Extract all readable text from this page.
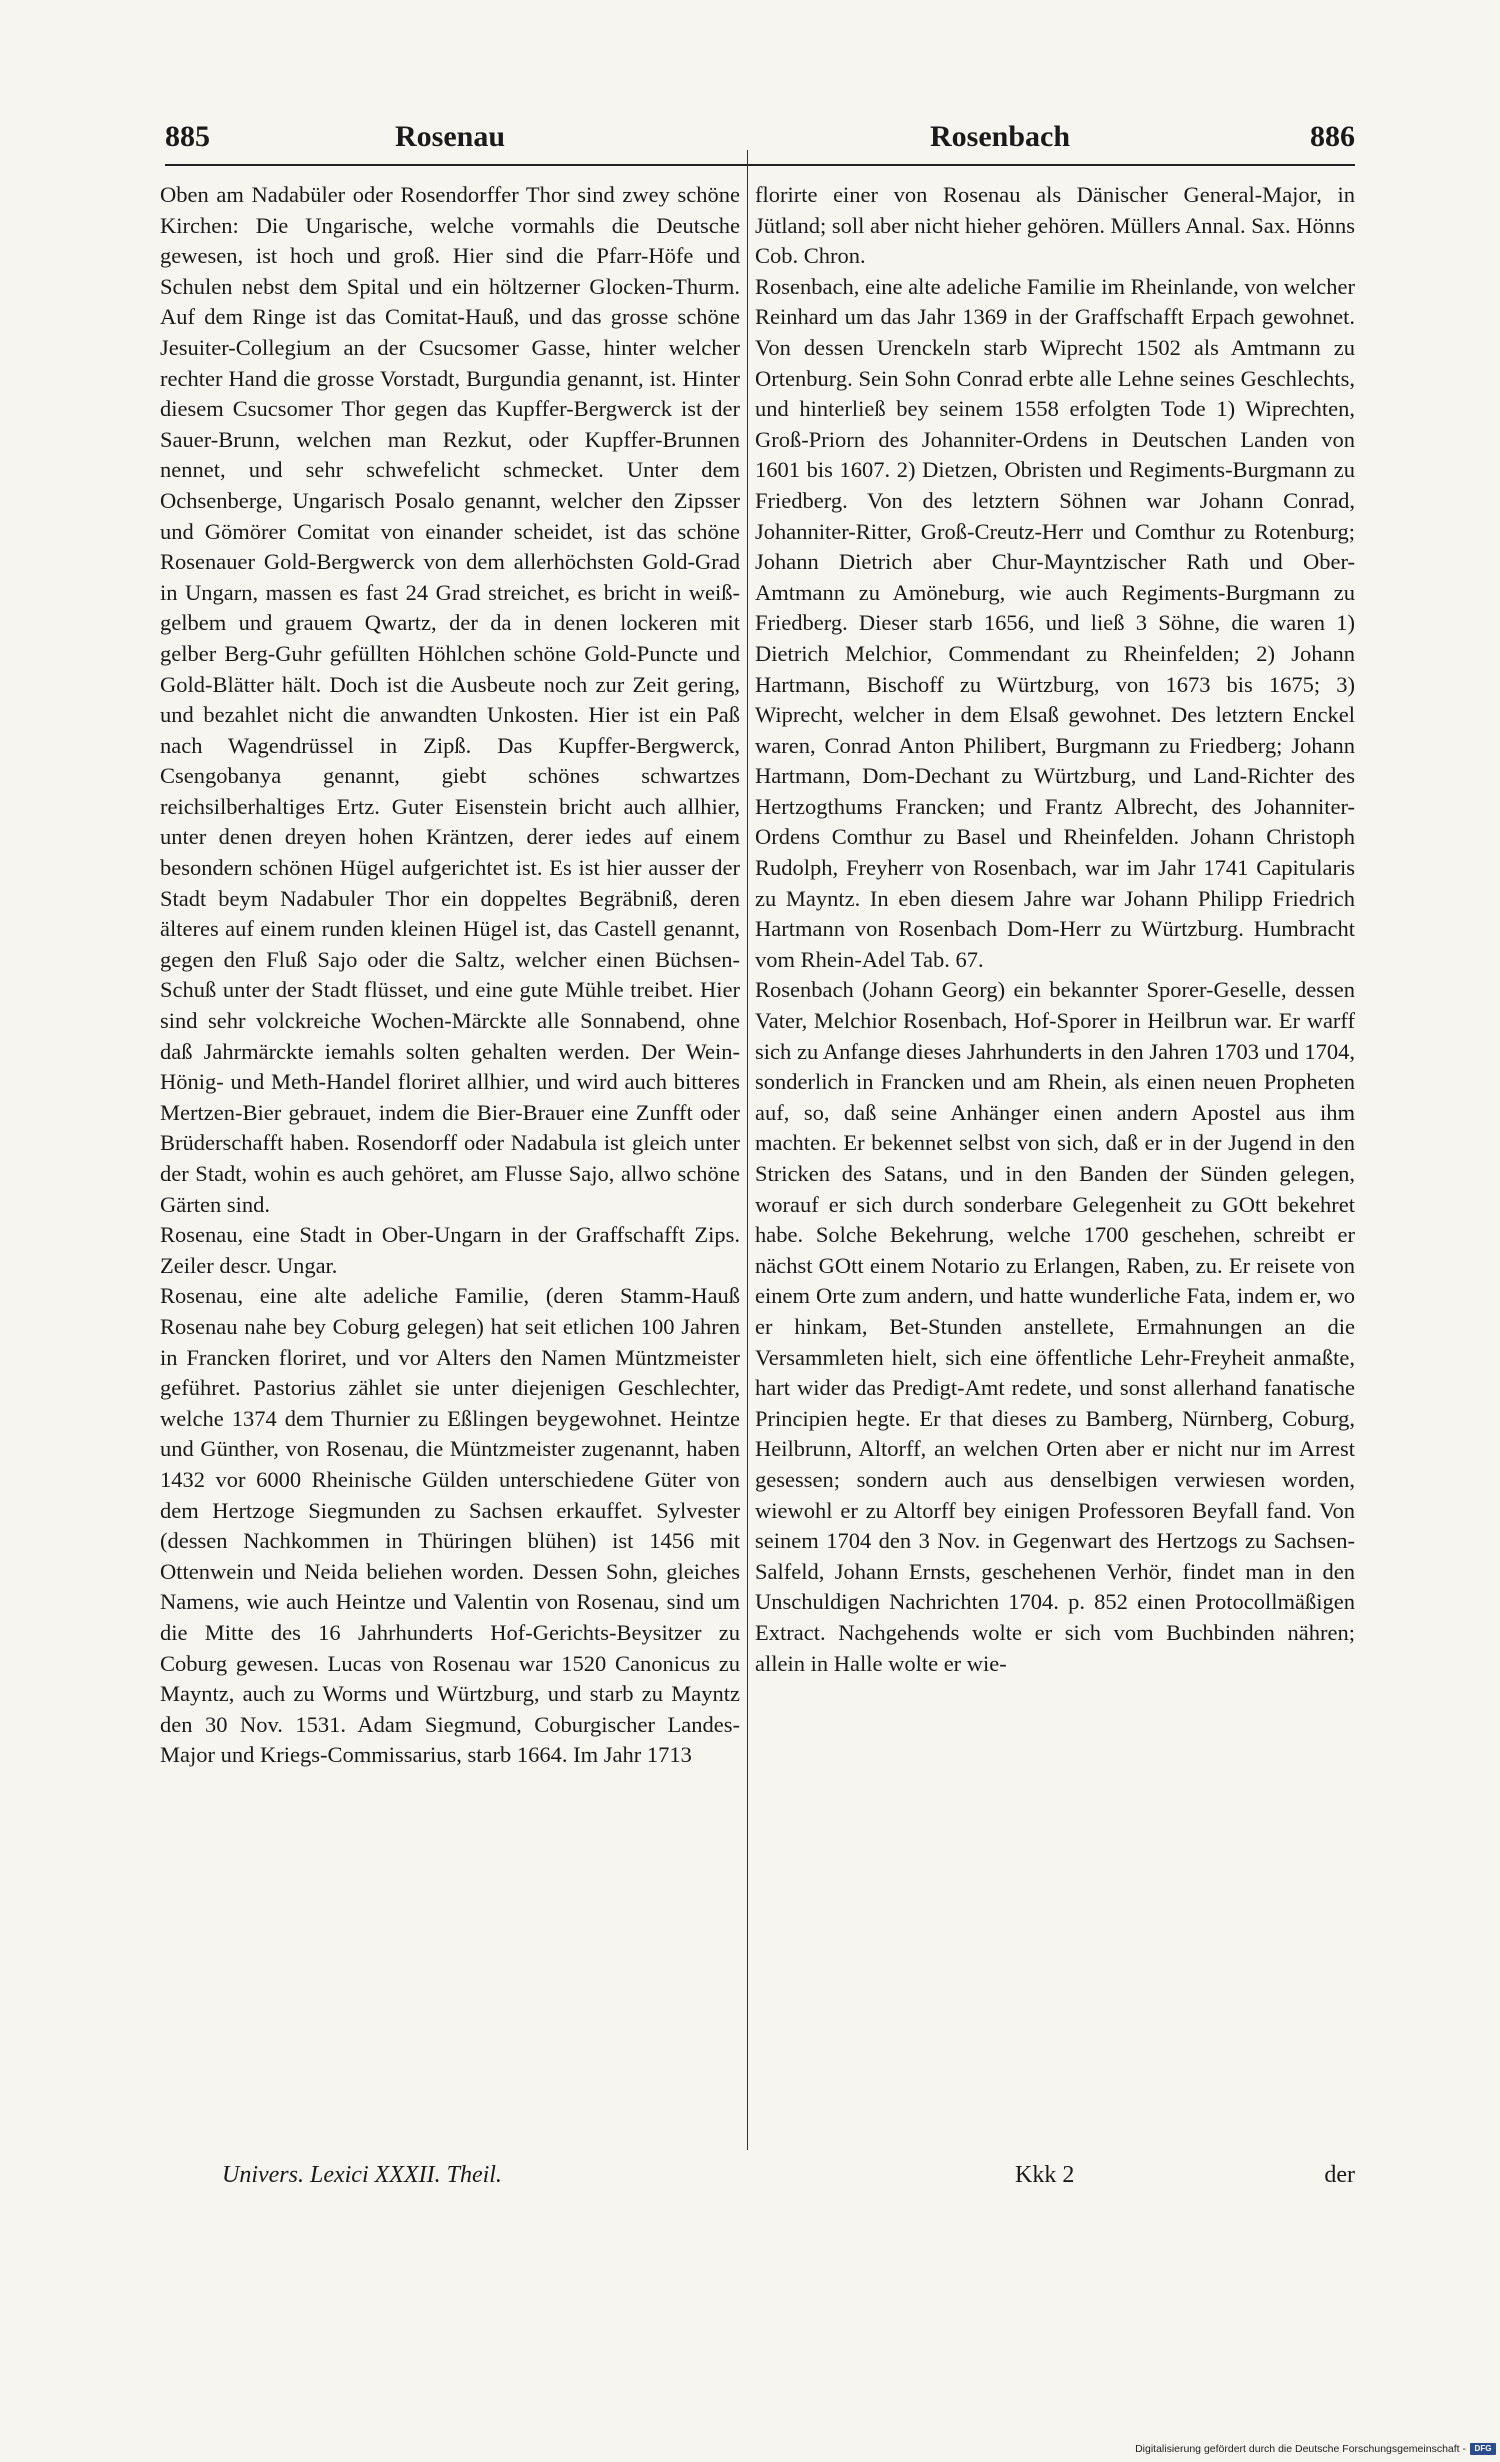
885	Rosenau	Rosenbach	886

Oben am Nadabüler oder Rosendorffer Thor sind zwey schöne Kirchen: Die Ungarische, welche vormahls die Deutsche gewesen, ist hoch und groß. Hier sind die Pfarr-Höfe und Schulen nebst dem Spital und ein höltzerner Glocken-Thurm. Auf dem Ringe ist das Comitat-Hauß, und das grosse schöne Jesuiter-Collegium an der Csucsomer Gasse, hinter welcher rechter Hand die grosse Vorstadt, Burgundia genannt, ist. Hinter diesem Csucsomer Thor gegen das Kupffer-Bergwerck ist der Sauer-Brunn, welchen man Rezkut, oder Kupffer-Brunnen nennet, und sehr schwefelicht schmecket. Unter dem Ochsenberge, Ungarisch Posalo genannt, welcher den Zipsser und Gömörer Comitat von einander scheidet, ist das schöne Rosenauer Gold-Bergwerck von dem allerhöchsten Gold-Grad in Ungarn, massen es fast 24 Grad streichet, es bricht in weiß-gelbem und grauem Qwartz, der da in denen lockeren mit gelber Berg-Guhr gefüllten Höhlchen schöne Gold-Puncte und Gold-Blätter hält. Doch ist die Ausbeute noch zur Zeit gering, und bezahlet nicht die anwandten Unkosten. Hier ist ein Paß nach Wagendrüssel in Zipß. Das Kupffer-Bergwerck, Csengobanya genannt, giebt schönes schwartzes reichsilberhaltiges Ertz. Guter Eisenstein bricht auch allhier, unter denen dreyen hohen Kräntzen, derer iedes auf einem besondern schönen Hügel aufgerichtet ist. Es ist hier ausser der Stadt beym Nadabuler Thor ein doppeltes Begräbniß, deren älteres auf einem runden kleinen Hügel ist, das Castell genannt, gegen den Fluß Sajo oder die Saltz, welcher einen Büchsen-Schuß unter der Stadt flüsset, und eine gute Mühle treibet. Hier sind sehr volckreiche Wochen-Märckte alle Sonnabend, ohne daß Jahrmärckte iemahls solten gehalten werden. Der Wein-Hönig- und Meth-Handel floriret allhier, und wird auch bitteres Mertzen-Bier gebrauet, indem die Bier-Brauer eine Zunfft oder Brüderschafft haben. Rosendorff oder Nadabula ist gleich unter der Stadt, wohin es auch gehöret, am Flusse Sajo, allwo schöne Gärten sind.

Rosenau, eine Stadt in Ober-Ungarn in der Graffschafft Zips. Zeiler descr. Ungar.

Rosenau, eine alte adeliche Familie, (deren Stamm-Hauß Rosenau nahe bey Coburg gelegen) hat seit etlichen 100 Jahren in Francken floriret, und vor Alters den Namen Müntzmeister geführet. Pastorius zählet sie unter diejenigen Geschlechter, welche 1374 dem Thurnier zu Eßlingen beygewohnet. Heintze und Günther, von Rosenau, die Müntzmeister zugenannt, haben 1432 vor 6000 Rheinische Gülden unterschiedene Güter von dem Hertzoge Siegmunden zu Sachsen erkauffet. Sylvester (dessen Nachkommen in Thüringen blühen) ist 1456 mit Ottenwein und Neida beliehen worden. Dessen Sohn, gleiches Namens, wie auch Heintze und Valentin von Rosenau, sind um die Mitte des 16 Jahrhunderts Hof-Gerichts-Beysitzer zu Coburg gewesen. Lucas von Rosenau war 1520 Canonicus zu Mayntz, auch zu Worms und Würtzburg, und starb zu Mayntz den 30 Nov. 1531. Adam Siegmund, Coburgischer Landes-Major und Kriegs-Commissarius, starb 1664. Im Jahr 1713

florirte einer von Rosenau als Dänischer General-Major, in Jütland; soll aber nicht hieher gehören. Müllers Annal. Sax. Hönns Cob. Chron.

Rosenbach, eine alte adeliche Familie im Rheinlande, von welcher Reinhard um das Jahr 1369 in der Graffschafft Erpach gewohnet. Von dessen Urenckeln starb Wiprecht 1502 als Amtmann zu Ortenburg. Sein Sohn Conrad erbte alle Lehne seines Geschlechts, und hinterließ bey seinem 1558 erfolgten Tode 1) Wiprechten, Groß-Priorn des Johanniter-Ordens in Deutschen Landen von 1601 bis 1607. 2) Dietzen, Obristen und Regiments-Burgmann zu Friedberg. Von des letztern Söhnen war Johann Conrad, Johanniter-Ritter, Groß-Creutz-Herr und Comthur zu Rotenburg; Johann Dietrich aber Chur-Mayntzischer Rath und Ober-Amtmann zu Amöneburg, wie auch Regiments-Burgmann zu Friedberg. Dieser starb 1656, und ließ 3 Söhne, die waren 1) Dietrich Melchior, Commendant zu Rheinfelden; 2) Johann Hartmann, Bischoff zu Würtzburg, von 1673 bis 1675; 3) Wiprecht, welcher in dem Elsaß gewohnet. Des letztern Enckel waren, Conrad Anton Philibert, Burgmann zu Friedberg; Johann Hartmann, Dom-Dechant zu Würtzburg, und Land-Richter des Hertzogthums Francken; und Frantz Albrecht, des Johanniter-Ordens Comthur zu Basel und Rheinfelden. Johann Christoph Rudolph, Freyherr von Rosenbach, war im Jahr 1741 Capitularis zu Mayntz. In eben diesem Jahre war Johann Philipp Friedrich Hartmann von Rosenbach Dom-Herr zu Würtzburg. Humbracht vom Rhein-Adel Tab. 67.

Rosenbach (Johann Georg) ein bekannter Sporer-Geselle, dessen Vater, Melchior Rosenbach, Hof-Sporer in Heilbrun war. Er warff sich zu Anfange dieses Jahrhunderts in den Jahren 1703 und 1704, sonderlich in Francken und am Rhein, als einen neuen Propheten auf, so, daß seine Anhänger einen andern Apostel aus ihm machten. Er bekennet selbst von sich, daß er in der Jugend in den Stricken des Satans, und in den Banden der Sünden gelegen, worauf er sich durch sonderbare Gelegenheit zu GOtt bekehret habe. Solche Bekehrung, welche 1700 geschehen, schreibt er nächst GOtt einem Notario zu Erlangen, Raben, zu. Er reisete von einem Orte zum andern, und hatte wunderliche Fata, indem er, wo er hinkam, Bet-Stunden anstellete, Ermahnungen an die Versammleten hielt, sich eine öffentliche Lehr-Freyheit anmaßte, hart wider das Predigt-Amt redete, und sonst allerhand fanatische Principien hegte. Er that dieses zu Bamberg, Nürnberg, Coburg, Heilbrunn, Altorff, an welchen Orten aber er nicht nur im Arrest gesessen; sondern auch aus denselbigen verwiesen worden, wiewohl er zu Altorff bey einigen Professoren Beyfall fand. Von seinem 1704 den 3 Nov. in Gegenwart des Hertzogs zu Sachsen-Salfeld, Johann Ernsts, geschehenen Verhör, findet man in den Unschuldigen Nachrichten 1704. p. 852 einen Protocollmäßigen Extract. Nachgehends wolte er sich vom Buchbinden nähren; allein in Halle wolte er wie-

Univers. Lexici XXXII. Theil.	Kkk 2	der
Digitalisierung gefördert durch die Deutsche Forschungsgemeinschaft -	DFG
